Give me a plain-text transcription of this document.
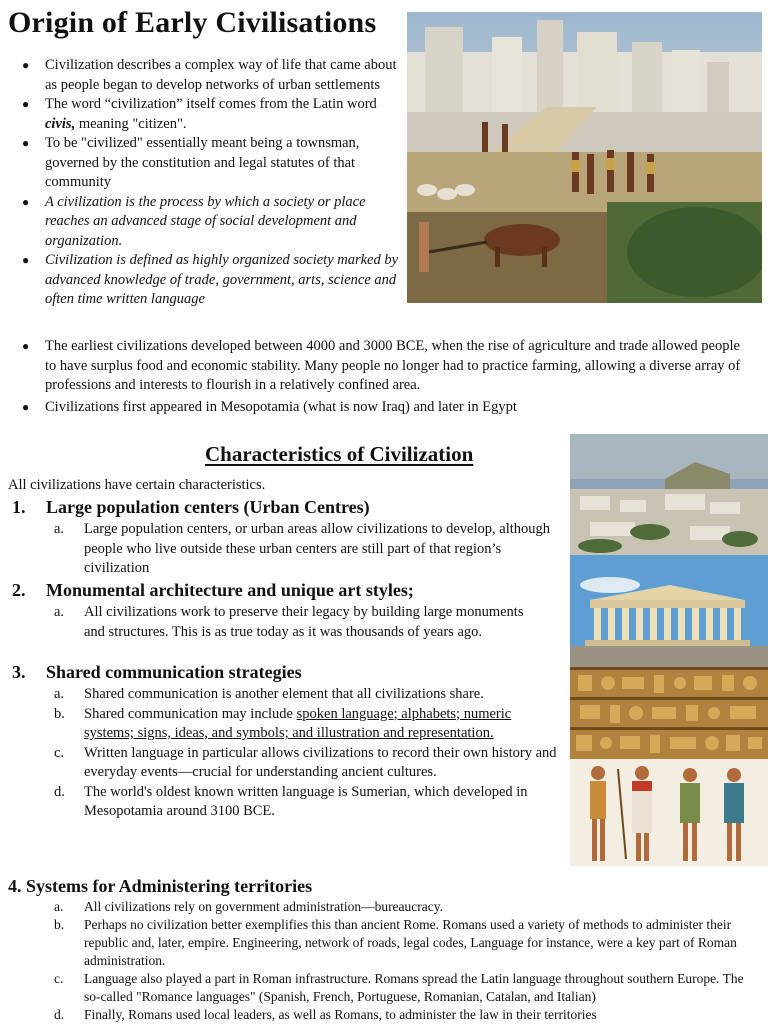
Origin of Early Civilisations
● Civilization describes a complex way of life that came about as people began to develop networks of urban settlements
● The word “civilization” itself comes from the Latin word civis, meaning "citizen".
● To be "civilized" essentially meant being a townsman, governed by the constitution and legal statutes of that community
● A civilization is the process by which a society or place reaches an advanced stage of social development and organization.
● Civilization is defined as highly organized society marked by advanced knowledge of trade, government, arts, science and often time written language
● The earliest civilizations developed between 4000 and 3000 BCE, when the rise of agriculture and trade allowed people to have surplus food and economic stability. Many people no longer had to practice farming, allowing a diverse array of professions and interests to flourish in a relatively confined area.
● Civilizations first appeared in Mesopotamia (what is now Iraq) and later in Egypt
Characteristics of Civilization
All civilizations have certain characteristics.
1. Large population centers (Urban Centres)
a. Large population centers, or urban areas allow civilizations to develop, although people who live outside these urban centers are still part of that region’s civilization
2. Monumental architecture and unique art styles;
a. All civilizations work to preserve their legacy by building large monuments and structures. This is as true today as it was thousands of years ago.
3. Shared communication strategies
a. Shared communication is another element that all civilizations share.
b. Shared communication may include spoken language; alphabets; numeric systems; signs, ideas, and symbols; and illustration and representation.
c. Written language in particular allows civilizations to record their own history and everyday events—crucial for understanding ancient cultures.
d. The world's oldest known written language is Sumerian, which developed in Mesopotamia around 3100 BCE.
4. Systems for Administering territories
a. All civilizations rely on government administration—bureaucracy.
b. Perhaps no civilization better exemplifies this than ancient Rome. Romans used a variety of methods to administer their republic and, later, empire. Engineering, network of roads, legal codes, Language for instance, were a key part of Roman administration.
c. Language also played a part in Roman infrastructure. Romans spread the Latin language throughout southern Europe. The so-called "Romance languages" (Spanish, French, Portuguese, Romanian, Catalan, and Italian)
d. Finally, Romans used local leaders, as well as Romans, to administer the law in their territories
